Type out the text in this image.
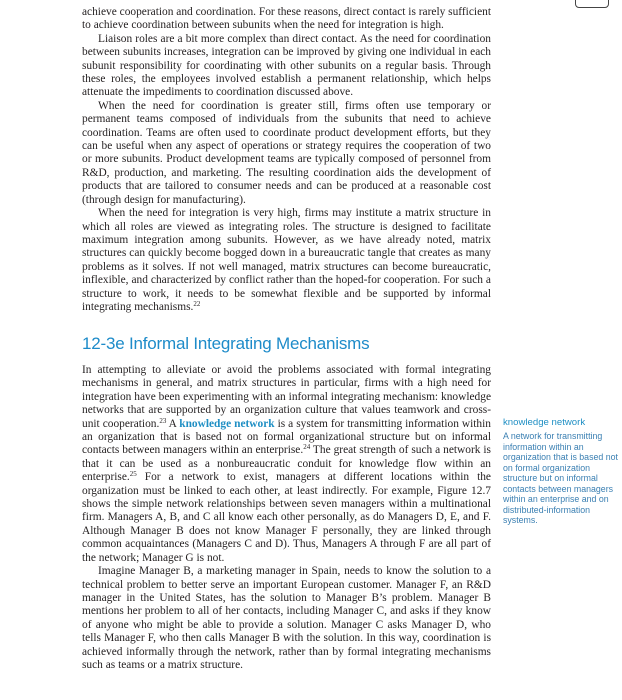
achieve cooperation and coordination. For these reasons, direct contact is rarely sufficient to achieve coordination between subunits when the need for integration is high.

Liaison roles are a bit more complex than direct contact. As the need for coordination between subunits increases, integration can be improved by giving one individual in each subunit responsibility for coordinating with other subunits on a regular basis. Through these roles, the employees involved establish a permanent relationship, which helps attenuate the impediments to coordination discussed above.

When the need for coordination is greater still, firms often use temporary or permanent teams composed of individuals from the subunits that need to achieve coordination. Teams are often used to coordinate product development efforts, but they can be useful when any aspect of operations or strategy requires the cooperation of two or more subunits. Product development teams are typically composed of personnel from R&D, production, and marketing. The resulting coordination aids the development of products that are tailored to consumer needs and can be produced at a reasonable cost (through design for manufacturing).

When the need for integration is very high, firms may institute a matrix structure in which all roles are viewed as integrating roles. The structure is designed to facilitate maximum integration among subunits. However, as we have already noted, matrix structures can quickly become bogged down in a bureaucratic tangle that creates as many problems as it solves. If not well managed, matrix structures can become bureaucratic, inflexible, and characterized by conflict rather than the hoped-for cooperation. For such a structure to work, it needs to be somewhat flexible and be supported by informal integrating mechanisms.$^{22}$

12-3e Informal Integrating Mechanisms

In attempting to alleviate or avoid the problems associated with formal integrating mechanisms in general, and matrix structures in particular, firms with a high need for integration have been experimenting with an informal integrating mechanism: knowledge networks that are supported by an organization culture that values teamwork and cross-unit cooperation.$^{23}$ A knowledge network is a system for transmitting information within an organization that is based not on formal organizational structure but on informal contacts between managers within an enterprise.$^{24}$ The great strength of such a network is that it can be used as a nonbureaucratic conduit for knowledge flow within an enterprise.$^{25}$ For a network to exist, managers at different locations within the organization must be linked to each other, at least indirectly. For example, Figure 12.7 shows the simple network relationships between seven managers within a multinational firm. Managers A, B, and C all know each other personally, as do Managers D, E, and F. Although Manager B does not know Manager F personally, they are linked through common acquaintances (Managers C and D). Thus, Managers A through F are all part of the network; Manager G is not.

Imagine Manager B, a marketing manager in Spain, needs to know the solution to a technical problem to better serve an important European customer. Manager F, an R&D manager in the United States, has the solution to Manager B’s problem. Manager B mentions her problem to all of her contacts, including Manager C, and asks if they know of anyone who might be able to provide a solution. Manager C asks Manager D, who tells Manager F, who then calls Manager B with the solution. In this way, coordination is achieved informally through the network, rather than by formal integrating mechanisms such as teams or a matrix structure.

knowledge network
A network for transmitting information within an organization that is based not on formal organization structure but on informal contacts between managers within an enterprise and on distributed-information systems.
